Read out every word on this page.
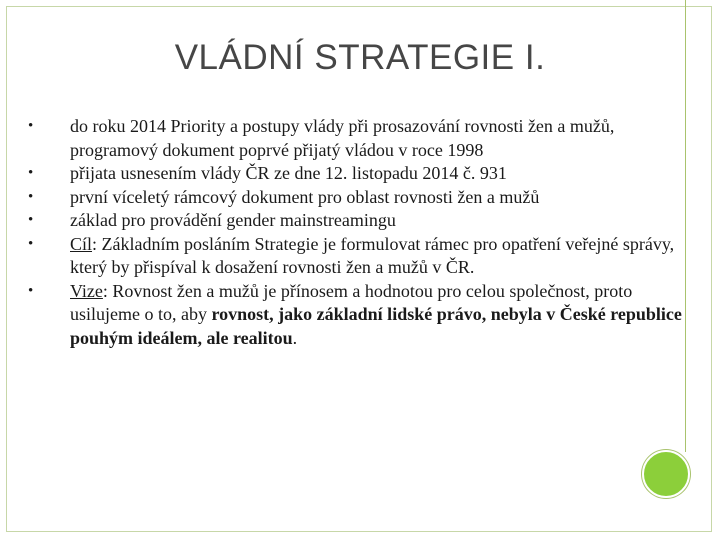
VLÁDNÍ STRATEGIE I.
• do roku 2014 Priority a postupy vlády při prosazování rovnosti žen a mužů, programový dokument poprvé přijatý vládou v roce 1998
• přijata usnesením vlády ČR ze dne 12. listopadu 2014 č. 931
• první víceletý rámcový dokument pro oblast rovnosti žen a mužů
• základ pro provádění gender mainstreamingu
• Cíl: Základním posláním Strategie je formulovat rámec pro opatření veřejné správy, který by přispíval k dosažení rovnosti žen a mužů v ČR.
• Vize: Rovnost žen a mužů je přínosem a hodnotou pro celou společnost, proto usilujeme o to, aby rovnost, jako základní lidské právo, nebyla v České republice pouhým ideálem, ale realitou.
